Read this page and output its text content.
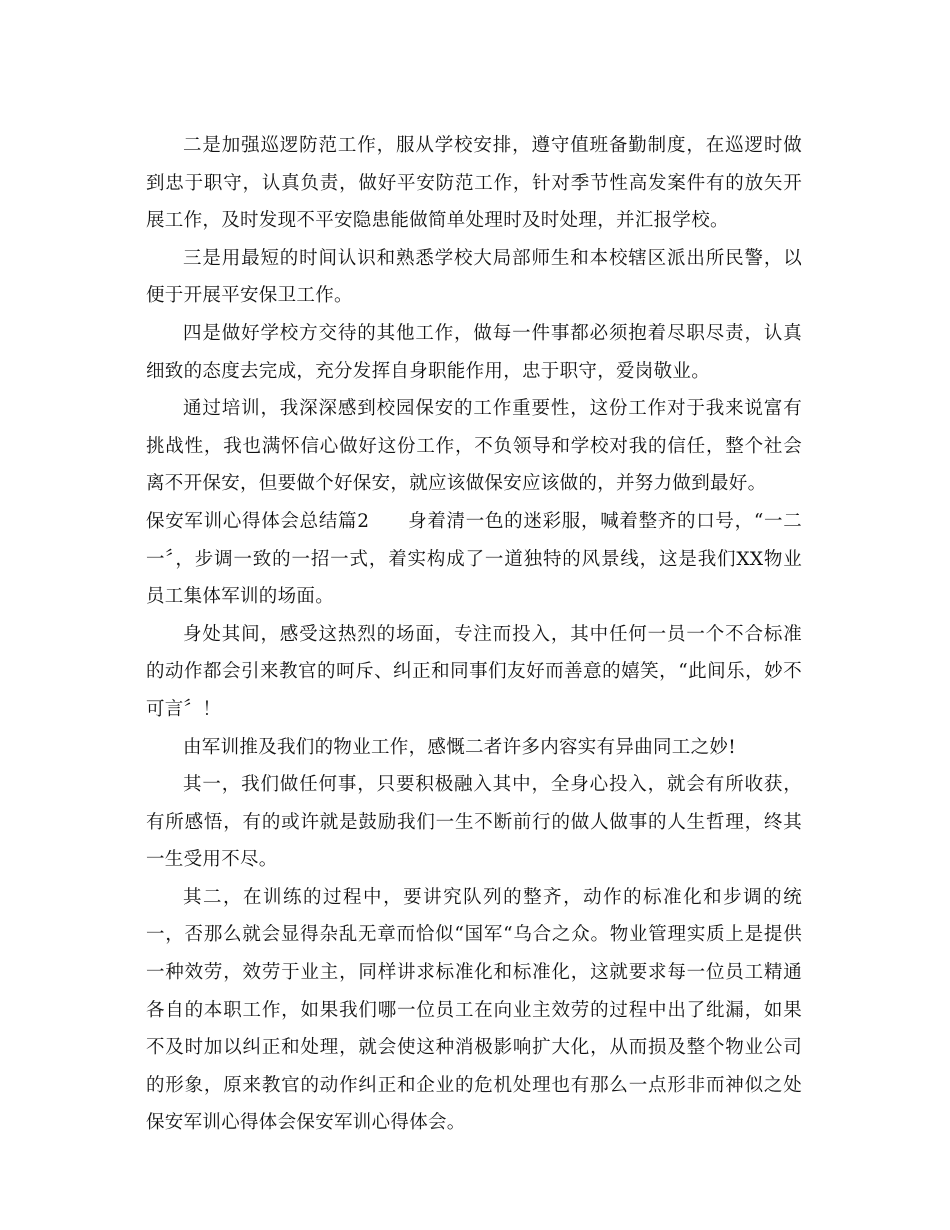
二是加强巡逻防范工作，服从学校安排，遵守值班备勤制度，在巡逻时做到忠于职守，认真负责，做好平安防范工作，针对季节性高发案件有的放矢开展工作，及时发现不平安隐患能做简单处理时及时处理，并汇报学校。

三是用最短的时间认识和熟悉学校大局部师生和本校辖区派出所民警，以便于开展平安保卫工作。

四是做好学校方交待的其他工作，做每一件事都必须抱着尽职尽责，认真细致的态度去完成，充分发挥自身职能作用，忠于职守，爱岗敬业。

通过培训，我深深感到校园保安的工作重要性，这份工作对于我来说富有挑战性，我也满怀信心做好这份工作，不负领导和学校对我的信任，整个社会离不开保安，但要做个好保安，就应该做保安应该做的，并努力做到最好。

保安军训心得体会总结篇2　　身着清一色的迷彩服，喊着整齐的口号，“一二一〞，步调一致的一招一式，着实构成了一道独特的风景线，这是我们XX物业员工集体军训的场面。

身处其间，感受这热烈的场面，专注而投入，其中任何一员一个不合标准的动作都会引来教官的呵斥、纠正和同事们友好而善意的嬉笑，“此间乐，妙不可言〞！

由军训推及我们的物业工作，感慨二者许多内容实有异曲同工之妙!

其一，我们做任何事，只要积极融入其中，全身心投入，就会有所收获，有所感悟，有的或许就是鼓励我们一生不断前行的做人做事的人生哲理，终其一生受用不尽。

其二，在训练的过程中，要讲究队列的整齐，动作的标准化和步调的统一，否那么就会显得杂乱无章而恰似“国军“乌合之众。物业管理实质上是提供一种效劳，效劳于业主，同样讲求标准化和标准化，这就要求每一位员工精通各自的本职工作，如果我们哪一位员工在向业主效劳的过程中出了纰漏，如果不及时加以纠正和处理，就会使这种消极影响扩大化，从而损及整个物业公司的形象，原来教官的动作纠正和企业的危机处理也有那么一点形非而神似之处保安军训心得体会保安军训心得体会。
